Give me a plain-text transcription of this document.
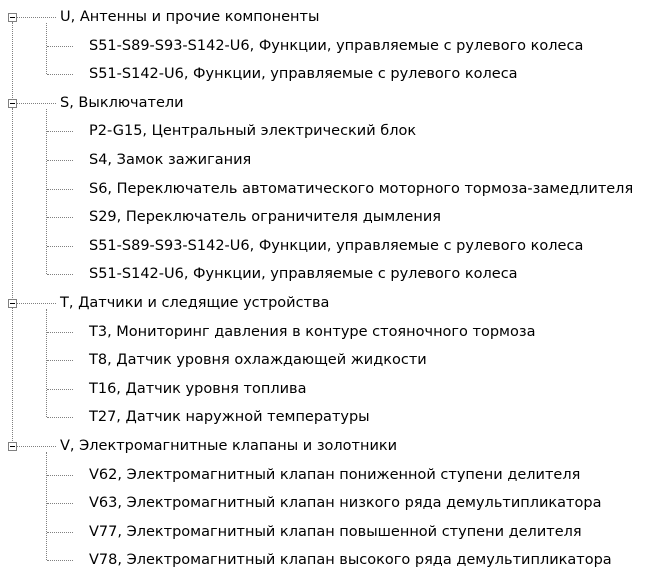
U, Антенны и прочие компоненты
S51-S89-S93-S142-U6, Функции, управляемые с рулевого колеса
S51-S142-U6, Функции, управляемые с рулевого колеса
S, Выключатели
P2-G15, Центральный электрический блок
S4, Замок зажигания
S6, Переключатель автоматического моторного тормоза-замедлителя
S29, Переключатель ограничителя дымления
S51-S89-S93-S142-U6, Функции, управляемые с рулевого колеса
S51-S142-U6, Функции, управляемые с рулевого колеса
T, Датчики и следящие устройства
T3, Мониторинг давления в контуре стояночного тормоза
T8, Датчик уровня охлаждающей жидкости
T16, Датчик уровня топлива
T27, Датчик наружной температуры
V, Электромагнитные клапаны и золотники
V62, Электромагнитный клапан пониженной ступени делителя
V63, Электромагнитный клапан низкого ряда демультипликатора
V77, Электромагнитный клапан повышенной ступени делителя
V78, Электромагнитный клапан высокого ряда демультипликатора
